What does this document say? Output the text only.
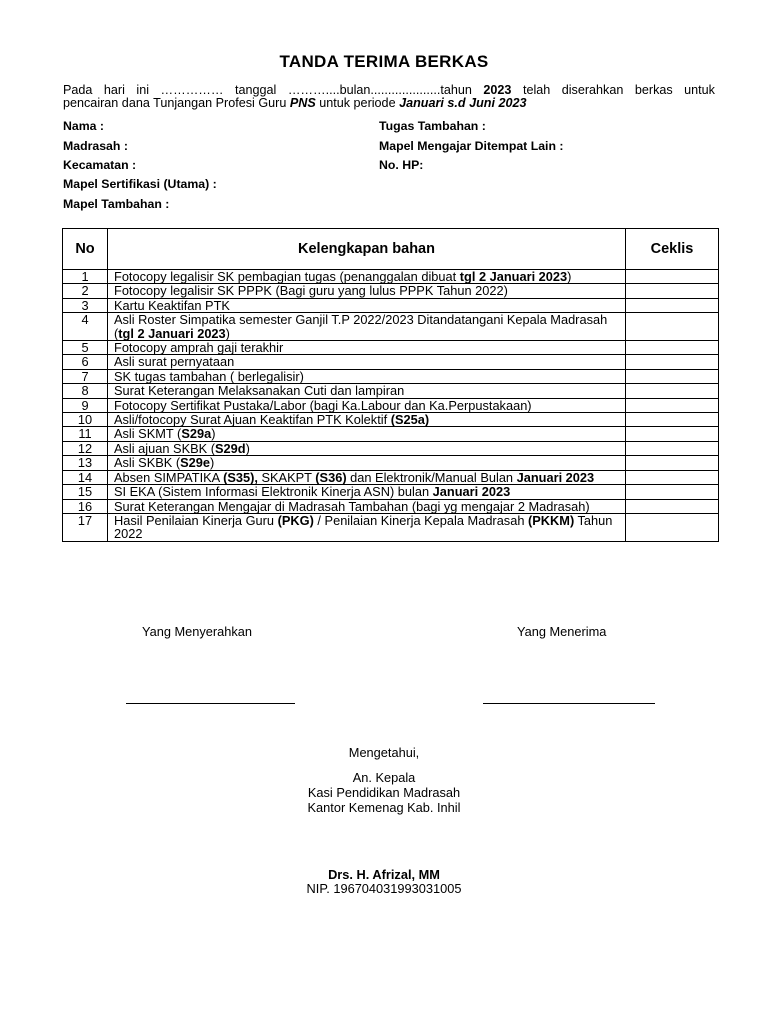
TANDA TERIMA BERKAS
Pada hari ini …………… tanggal ………....bulan....................tahun 2023 telah diserahkan berkas untuk
pencairan dana Tunjangan Profesi Guru PNS untuk periode Januari s.d Juni 2023
Nama :
Madrasah :
Kecamatan :
Mapel Sertifikasi (Utama) :
Mapel Tambahan :
Tugas Tambahan :
Mapel Mengajar Ditempat Lain :
No. HP:
No	Kelengkapan bahan	Ceklis
1	Fotocopy legalisir SK pembagian tugas (penanggalan dibuat tgl 2 Januari 2023)	
2	Fotocopy legalisir SK PPPK (Bagi guru yang lulus PPPK Tahun 2022)	
3	Kartu Keaktifan PTK	
4	Asli Roster Simpatika semester Ganjil T.P 2022/2023 Ditandatangani Kepala Madrasah (tgl 2 Januari 2023)	
5	Fotocopy amprah gaji terakhir	
6	Asli surat pernyataan	
7	SK tugas tambahan ( berlegalisir)	
8	Surat Keterangan Melaksanakan Cuti dan lampiran	
9	Fotocopy Sertifikat Pustaka/Labor (bagi Ka.Labour dan Ka.Perpustakaan)	
10	Asli/fotocopy Surat Ajuan Keaktifan PTK Kolektif (S25a)	
11	Asli SKMT (S29a)	
12	Asli ajuan SKBK (S29d)	
13	Asli SKBK (S29e)	
14	Absen SIMPATIKA (S35), SKAKPT (S36) dan Elektronik/Manual Bulan Januari 2023	
15	SI EKA (Sistem Informasi Elektronik Kinerja ASN) bulan Januari 2023	
16	Surat Keterangan Mengajar di Madrasah Tambahan (bagi yg mengajar 2 Madrasah)	
17	Hasil Penilaian Kinerja Guru (PKG) / Penilaian Kinerja Kepala Madrasah (PKKM) Tahun 2022	
Yang Menyerahkan	Yang Menerima
Mengetahui,
An. Kepala
Kasi Pendidikan Madrasah
Kantor Kemenag Kab. Inhil
Drs. H. Afrizal, MM
NIP. 196704031993031005
